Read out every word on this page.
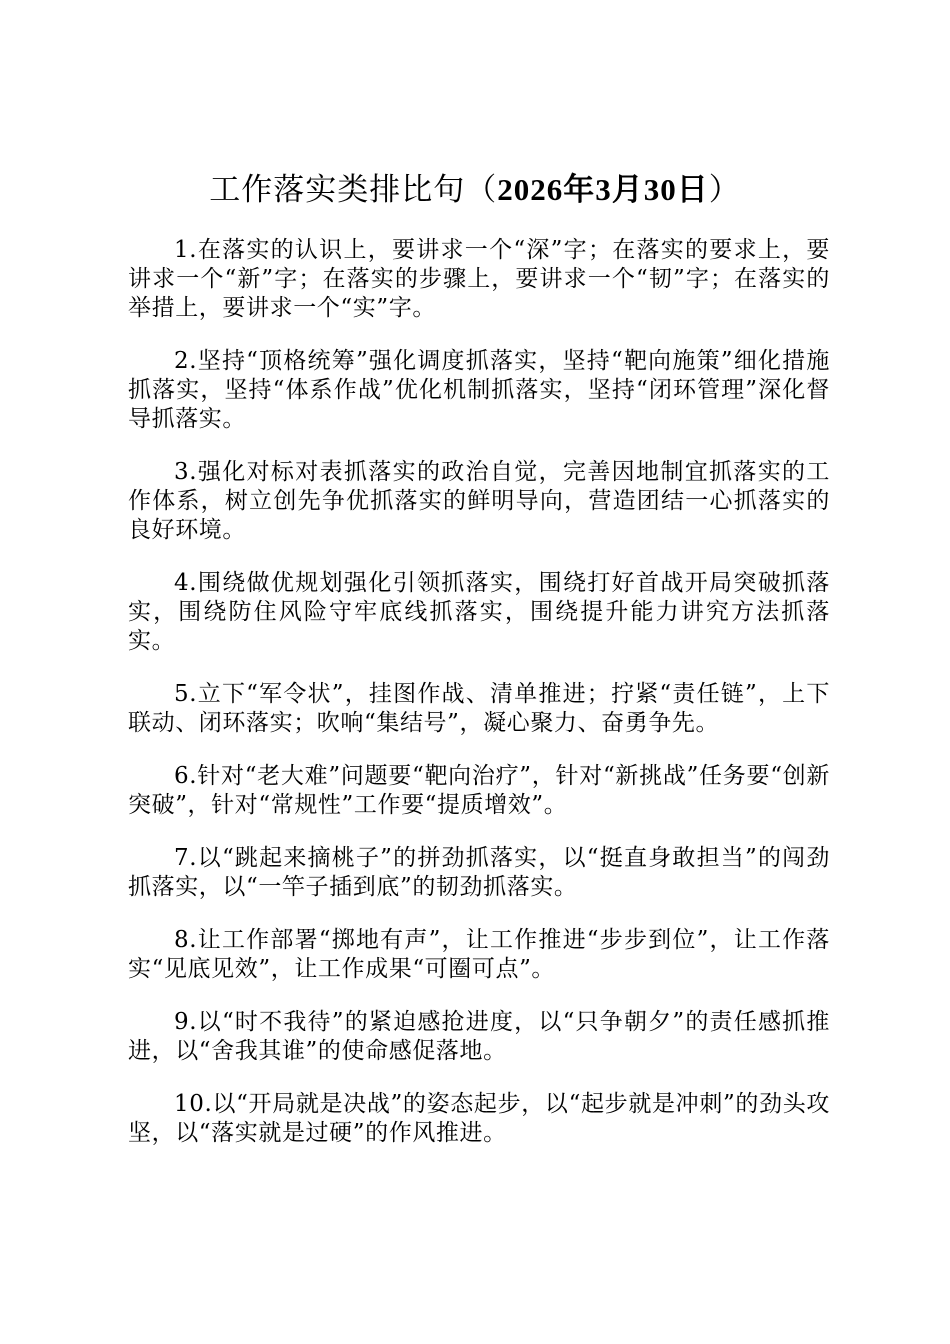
工作落实类排比句（2026年3月30日）

1.在落实的认识上，要讲求一个“深”字；在落实的要求上，要讲求一个“新”字；在落实的步骤上，要讲求一个“韧”字；在落实的举措上，要讲求一个“实”字。

2.坚持“顶格统筹”强化调度抓落实，坚持“靶向施策”细化措施抓落实，坚持“体系作战”优化机制抓落实，坚持“闭环管理”深化督导抓落实。

3.强化对标对表抓落实的政治自觉，完善因地制宜抓落实的工作体系，树立创先争优抓落实的鲜明导向，营造团结一心抓落实的良好环境。

4.围绕做优规划强化引领抓落实，围绕打好首战开局突破抓落实，围绕防住风险守牢底线抓落实，围绕提升能力讲究方法抓落实。

5.立下“军令状”，挂图作战、清单推进；拧紧“责任链”，上下联动、闭环落实；吹响“集结号”，凝心聚力、奋勇争先。

6.针对“老大难”问题要“靶向治疗”，针对“新挑战”任务要“创新突破”，针对“常规性”工作要“提质增效”。

7.以“跳起来摘桃子”的拼劲抓落实，以“挺直身敢担当”的闯劲抓落实，以“一竿子插到底”的韧劲抓落实。

8.让工作部署“掷地有声”，让工作推进“步步到位”，让工作落实“见底见效”，让工作成果“可圈可点”。

9.以“时不我待”的紧迫感抢进度，以“只争朝夕”的责任感抓推进，以“舍我其谁”的使命感促落地。

10.以“开局就是决战”的姿态起步，以“起步就是冲刺”的劲头攻坚，以“落实就是过硬”的作风推进。
